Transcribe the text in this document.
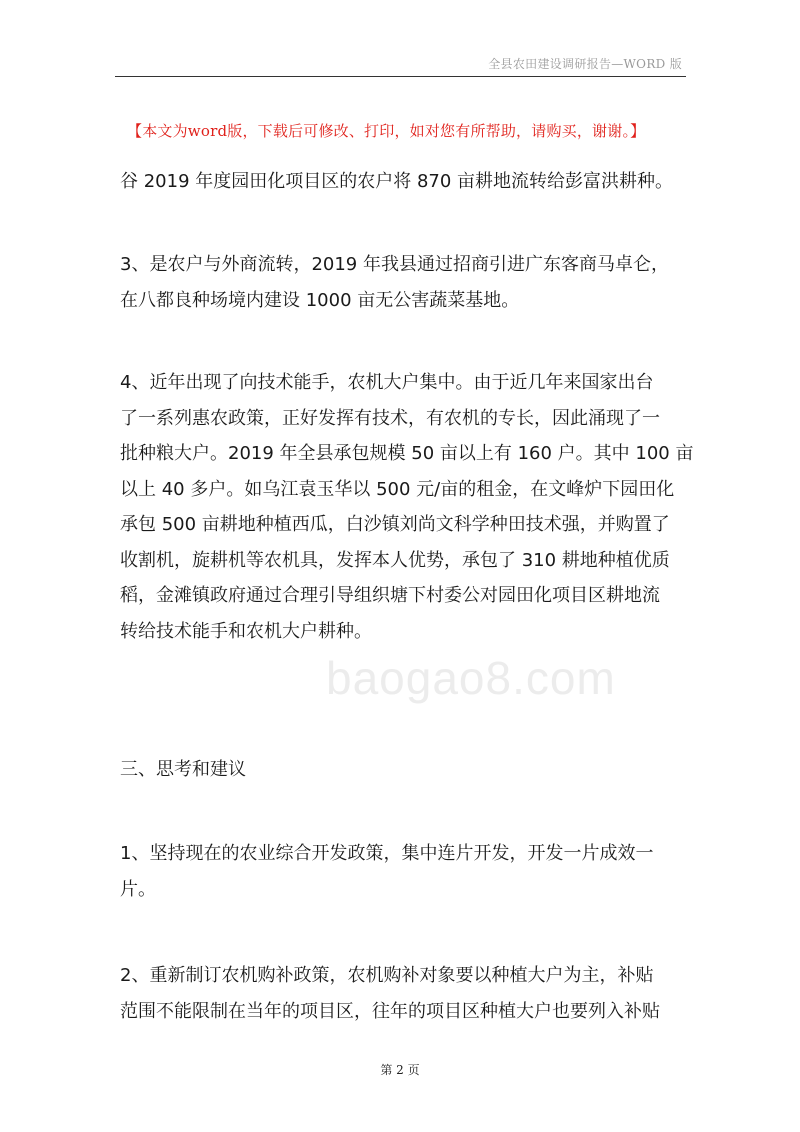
全县农田建设调研报告—WORD 版
【本文为word版，下载后可修改、打印，如对您有所帮助，请购买，谢谢。】
谷 2019 年度园田化项目区的农户将 870 亩耕地流转给彭富洪耕种。
3、是农户与外商流转，2019 年我县通过招商引进广东客商马卓仑，
在八都良种场境内建设 1000 亩无公害蔬菜基地。
4、近年出现了向技术能手，农机大户集中。由于近几年来国家出台
了一系列惠农政策，正好发挥有技术，有农机的专长，因此涌现了一
批种粮大户。2019 年全县承包规模 50 亩以上有 160 户。其中 100 亩
以上 40 多户。如乌江袁玉华以 500 元/亩的租金，在文峰炉下园田化
承包 500 亩耕地种植西瓜，白沙镇刘尚文科学种田技术强，并购置了
收割机，旋耕机等农机具，发挥本人优势，承包了 310 耕地种植优质
稻，金滩镇政府通过合理引导组织塘下村委公对园田化项目区耕地流
转给技术能手和农机大户耕种。
三、思考和建议
1、坚持现在的农业综合开发政策，集中连片开发，开发一片成效一
片。
2、重新制订农机购补政策，农机购补对象要以种植大户为主，补贴
范围不能限制在当年的项目区，往年的项目区种植大户也要列入补贴
baogao8.com
第 2 页
